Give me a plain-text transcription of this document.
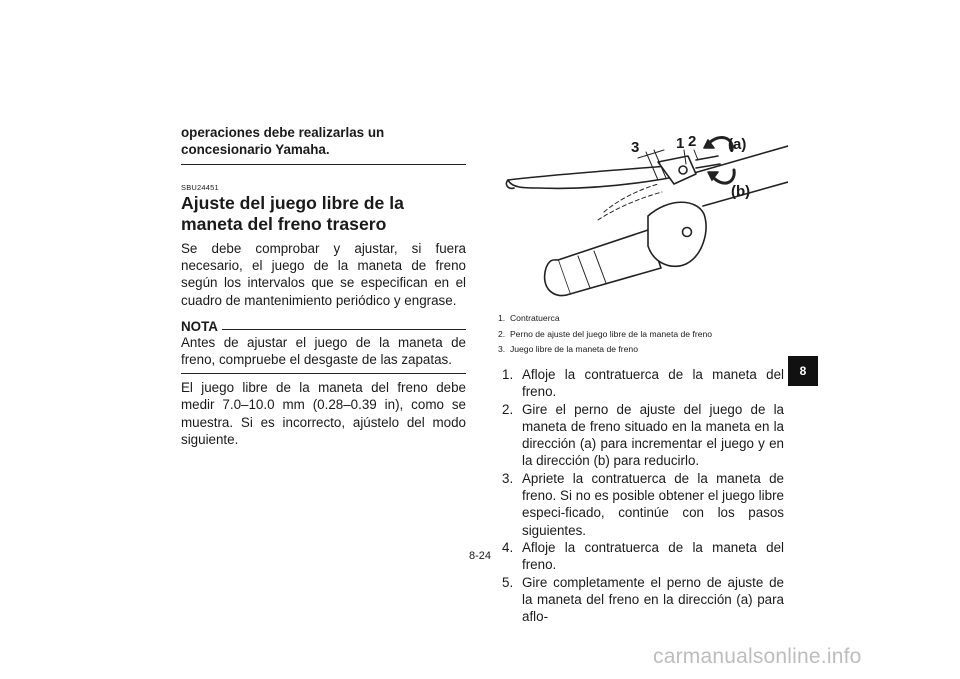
operaciones debe realizarlas un concesionario Yamaha.
SBU24451
Ajuste del juego libre de la maneta del freno trasero
Se debe comprobar y ajustar, si fuera necesario, el juego de la maneta de freno según los intervalos que se especifican en el cuadro de mantenimiento periódico y engrase.
NOTA
Antes de ajustar el juego de la maneta de freno, compruebe el desgaste de las zapatas.
El juego libre de la maneta del freno debe medir 7.0–10.0 mm (0.28–0.39 in), como se muestra. Si es incorrecto, ajústelo del modo siguiente.
3 1 2 (a)
(b)
1. Contratuerca
2. Perno de ajuste del juego libre de la maneta de freno
3. Juego libre de la maneta de freno
1. Afloje la contratuerca de la maneta del freno.
2. Gire el perno de ajuste del juego de la maneta de freno situado en la maneta en la dirección (a) para incrementar el juego y en la dirección (b) para reducirlo.
3. Apriete la contratuerca de la maneta de freno. Si no es posible obtener el juego libre especi-ficado, continúe con los pasos siguientes.
4. Afloje la contratuerca de la maneta del freno.
5. Gire completamente el perno de ajuste de la maneta del freno en la dirección (a) para aflo-
8
8-24
carmanualsonline.info
